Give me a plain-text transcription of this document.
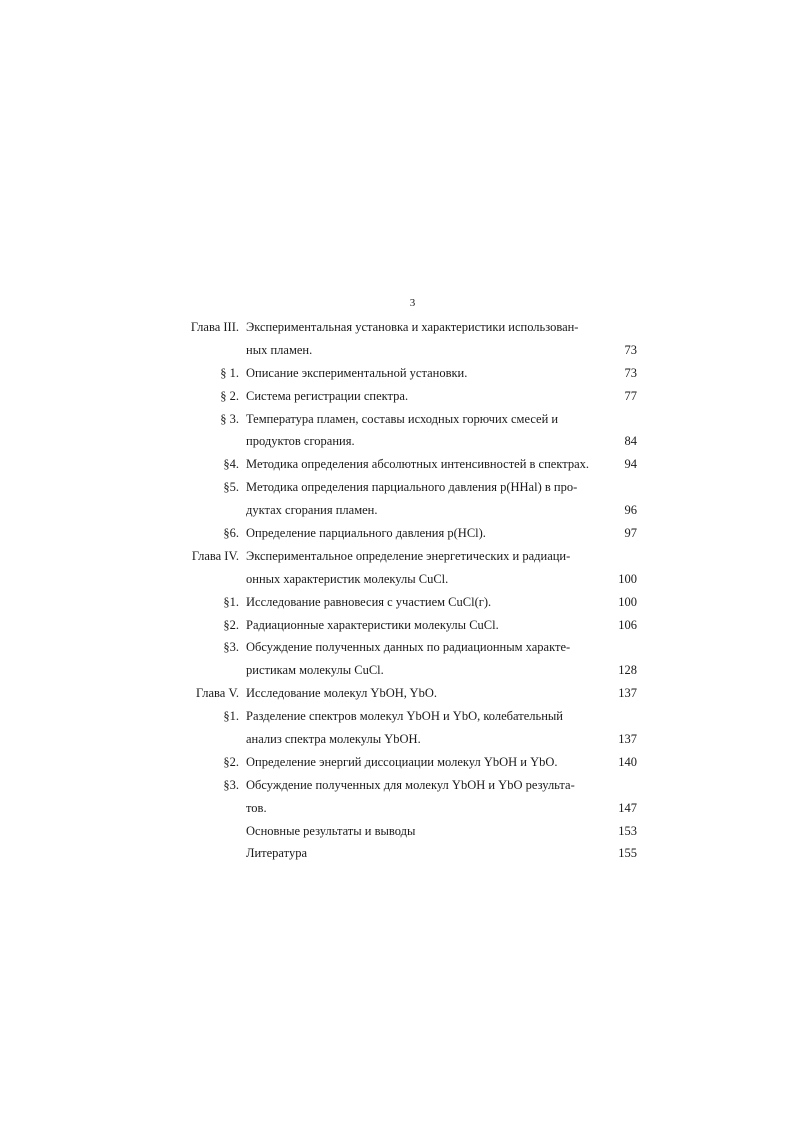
3
Глава III. Экспериментальная установка и характеристики использован-
ных пламен.	73
§ 1. Описание экспериментальной установки.	73
§ 2. Система регистрации спектра.	77
§ 3. Температура пламен, составы исходных горючих смесей и
продуктов сгорания.	84
§4. Методика определения абсолютных интенсивностей в спектрах.	94
§5. Методика определения парциального давления p(HHal) в про-
дуктах сгорания пламен.	96
§6. Определение парциального давления p(HCl).	97
Глава IV. Экспериментальное определение энергетических и радиаци-
онных характеристик молекулы CuCl.	100
§1. Исследование равновесия с участием CuCl(г).	100
§2. Радиационные характеристики молекулы CuCl.	106
§3. Обсуждение полученных данных по радиационным характе-
ристикам молекулы CuCl.	128
Глава V. Исследование молекул YbOH, YbO.	137
§1. Разделение спектров молекул YbOH и YbO, колебательный
анализ спектра молекулы YbOH.	137
§2. Определение энергий диссоциации молекул YbOH и YbO.	140
§3. Обсуждение полученных для молекул YbOH и YbO результа-
тов.	147
Основные результаты и выводы	153
Литература	155
